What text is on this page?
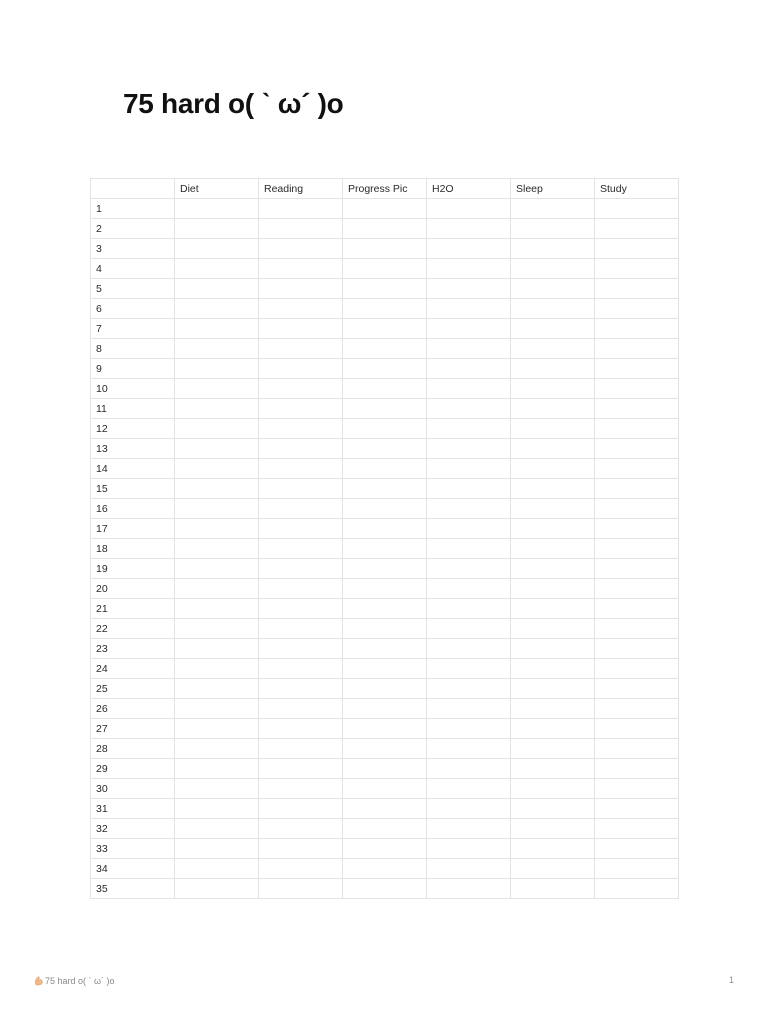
75 hard o( ˋ ω´ )o
	Diet	Reading	Progress Pic	H2O	Sleep	Study
1						
2						
3						
4						
5						
6						
7						
8						
9						
10						
11						
12						
13						
14						
15						
16						
17						
18						
19						
20						
21						
22						
23						
24						
25						
26						
27						
28						
29						
30						
31						
32						
33						
34						
35						
75 hard o( ˋ ω´ )o	1
